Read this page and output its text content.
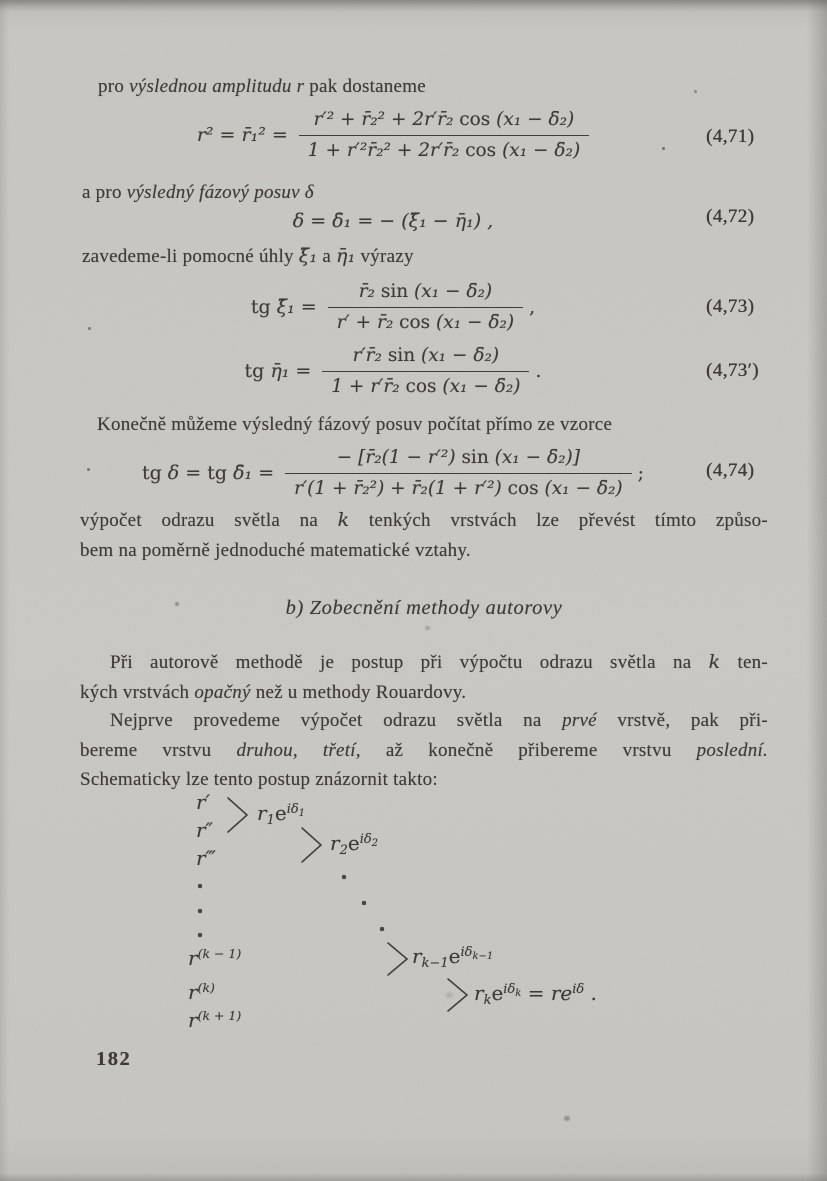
pro výslednou amplitudu r pak dostaneme
r² = r̄₁² = $\frac{\text{r′² + r̄₂² + 2r′r̄₂ cos (x₁ − δ̄₂)}}{\text{1 + r′²r̄₂² + 2r′r̄₂ cos (x₁ − δ̄₂)}}$	(4,71)
a pro výsledný fázový posuv δ
δ = δ̄₁ = − (ξ̄₁ − η̄₁) ,	(4,72)
zavedeme-li pomocné úhly ξ̄₁ a η̄₁ výrazy
tg ξ̄₁ = $\frac{\text{r̄₂ sin (x₁ − δ̄₂)}}{\text{r′ + r̄₂ cos (x₁ − δ̄₂)}}$ ,	(4,73)
tg η̄₁ = $\frac{\text{r′r̄₂ sin (x₁ − δ̄₂)}}{\text{1 + r′r̄₂ cos (x₁ − δ̄₂)}}$ .	(4,73′)
Konečně můžeme výsledný fázový posuv počítat přímo ze vzorce
tg δ = tg δ̄₁ = $\frac{\text{− [r̄₂(1 − r′²) sin (x₁ − δ̄₂)]}}{\text{r′(1 + r̄₂²) + r̄₂(1 + r′²) cos (x₁ − δ̄₂)}}$ ;	(4,74)
výpočet odrazu světla na k tenkých vrstvách lze převést tímto způso-
bem na poměrně jednoduché matematické vztahy.
b) Zobecnění methody autorovy
Při autorově methodě je postup při výpočtu odrazu světla na k ten-
kých vrstvách opačný než u methody Rouardovy.
Nejprve provedeme výpočet odrazu světla na prvé vrstvě, pak při-
bereme vrstvu druhou, třetí, až konečně přibereme vrstvu poslední.
Schematicky lze tento postup znázornit takto:
r′
r″
r‴
$r_1e^{i\delta_1}$
$r_2e^{i\delta_2}$
$r^{(k - 1)}$
$r^{(k)}$
$r^{(k + 1)}$
$r_{k-1}e^{i\delta_{k-1}}$
$r_ke^{i\delta_k} = re^{i\delta}$ .
182
